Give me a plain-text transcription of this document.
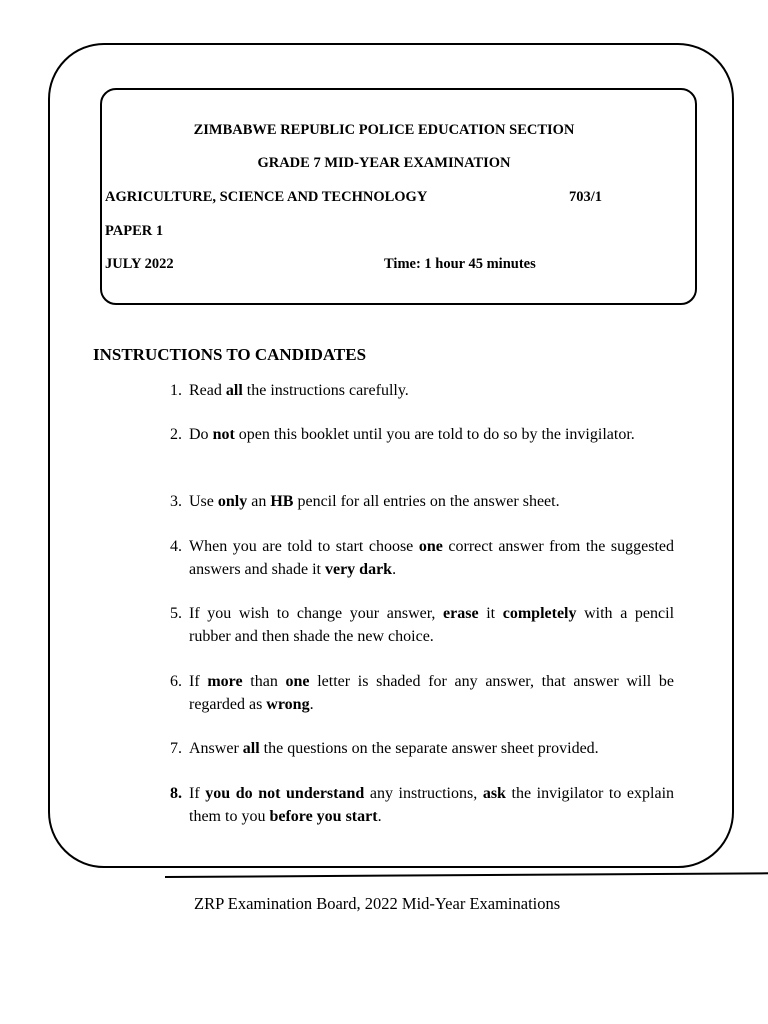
ZIMBABWE REPUBLIC POLICE EDUCATION SECTION
GRADE 7 MID-YEAR EXAMINATION
AGRICULTURE, SCIENCE AND TECHNOLOGY	703/1
PAPER 1
JULY 2022	Time: 1 hour 45 minutes
INSTRUCTIONS TO CANDIDATES
1. Read all the instructions carefully.
2. Do not open this booklet until you are told to do so by the invigilator.
3. Use only an HB pencil for all entries on the answer sheet.
4. When you are told to start choose one correct answer from the suggested answers and shade it very dark.
5. If you wish to change your answer, erase it completely with a pencil rubber and then shade the new choice.
6. If more than one letter is shaded for any answer, that answer will be regarded as wrong.
7. Answer all the questions on the separate answer sheet provided.
8. If you do not understand any instructions, ask the invigilator to explain them to you before you start.
ZRP Examination Board, 2022 Mid-Year Examinations
